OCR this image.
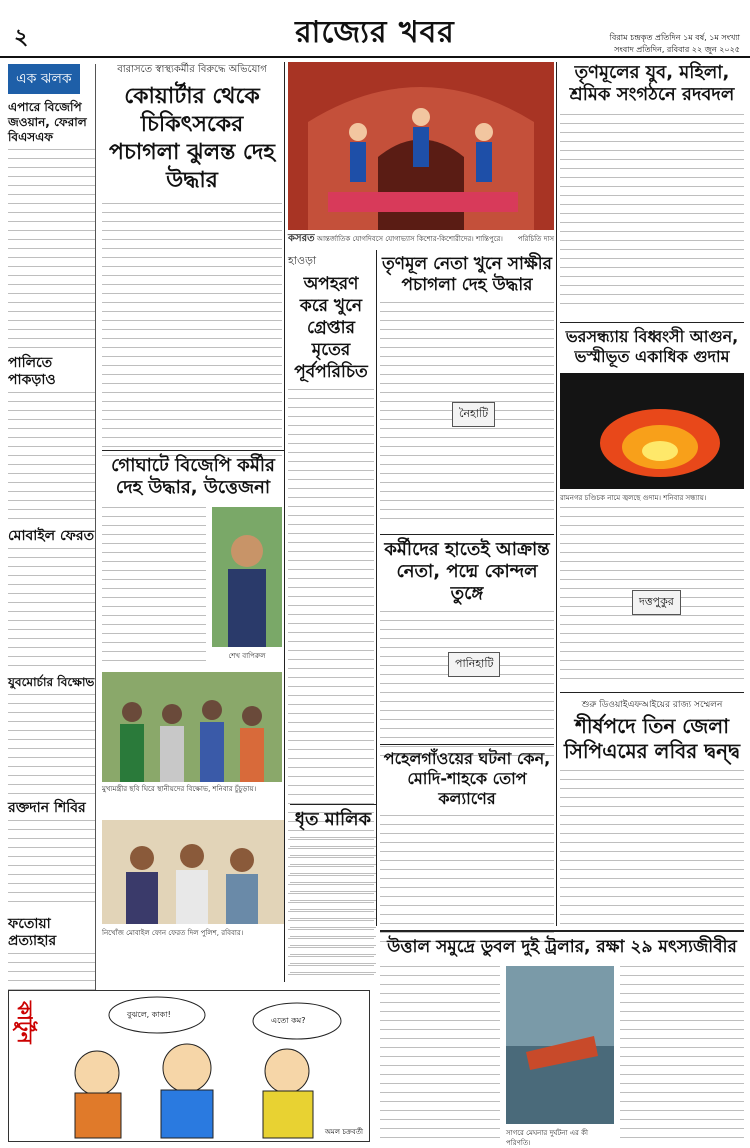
২	রাজ্যের খবর	বিরাম চন্দ্রকৃত প্রতিদিন ১ম বর্ষ, ১ম সংখ্যা
সংবাদ প্রতিদিন, রবিবার ২২ জুন ২০২৫
এক ঝলক
এপারে বিজেপি জওয়ান, ফেরাল বিএসএফ
পালিতে পাকড়াও
মোবাইল ফেরত
যুবমোর্চার বিক্ষোভ
রক্তদান শিবির
ফতোয়া প্রত্যাহার
কার্টুন	বুঝলে, কাকা!
এতো কম?
অমল চক্রবর্তী
বারাসতে স্বাস্থ্যকর্মীর বিরুদ্ধে অভিযোগ
কোয়ার্টার থেকে চিকিৎসকের পচাগলা ঝুলন্ত দেহ উদ্ধার
কসরত আন্তর্জাতিক যোগদিবসে যোগাভ্যাস কিশোর-কিশোরীদের। শান্তিপুরে। পরিচিতি দাস
হাওড়া
অপহরণ করে খুনে গ্রেপ্তার মৃতের পূর্বপরিচিত
তৃণমূল নেতা খুনে সাক্ষীর পচাগলা দেহ উদ্ধার
নৈহাটি
কর্মীদের হাতেই আক্রান্ত নেতা, পদ্মে কোন্দল তুঙ্গে
পানিহাটি
পহেলগাঁওয়ের ঘটনা কেন, মোদি-শাহকে তোপ কল্যাণের
গোঘাটে বিজেপি কর্মীর দেহ উদ্ধার, উত্তেজনা
শেখ বাপিরুল
মুখ্যমন্ত্রীর ছবি ঘিরে স্থানীয়দের বিক্ষোভ, শনিবার চুঁচুড়ায়।
ধৃত মালিক
নিখোঁজ মোবাইল ফোন ফেরত দিল পুলিশ, রবিবার।
তৃণমূলের যুব, মহিলা, শ্রমিক সংগঠনে রদবদল
ভরসন্ধ্যায় বিধ্বংসী আগুন, ভস্মীভূত একাধিক গুদাম
রামনগর চণ্ডিচক নামে জ্বলছে গুদাম। শনিবার সন্ধ্যায়।
দত্তপুকুর
শুরু ডিওয়াইএফআইয়ের রাজ্য সম্মেলন
শীর্ষপদে তিন জেলা সিপিএমের লবির দ্বন্দ্ব
উত্তাল সমুদ্রে ডুবল দুই ট্রলার, রক্ষা ২৯ মৎস্যজীবীর
সাগরে মেঘনার দুর্ঘটনা এর কী পরিণতি।
